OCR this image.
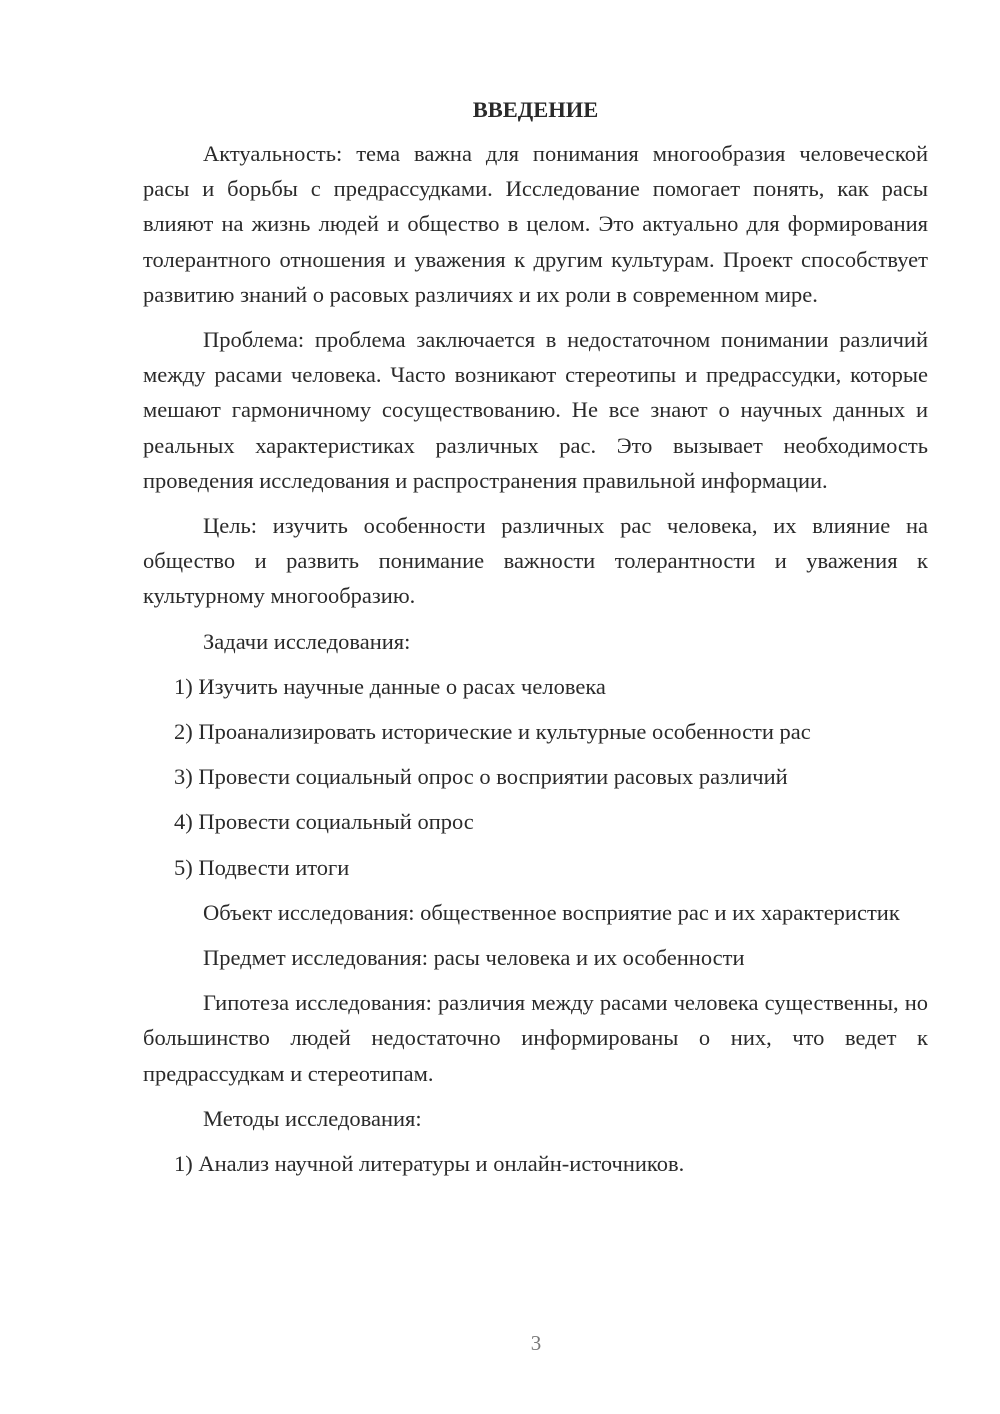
ВВЕДЕНИЕ
Актуальность: тема важна для понимания многообразия человеческой расы и борьбы с предрассудками. Исследование помогает понять, как расы влияют на жизнь людей и общество в целом. Это актуально для формирования толерантного отношения и уважения к другим культурам. Проект способствует развитию знаний о расовых различиях и их роли в современном мире.
Проблема: проблема заключается в недостаточном понимании различий между расами человека. Часто возникают стереотипы и предрассудки, которые мешают гармоничному сосуществованию. Не все знают о научных данных и реальных характеристиках различных рас. Это вызывает необходимость проведения исследования и распространения правильной информации.
Цель: изучить особенности различных рас человека, их влияние на общество и развить понимание важности толерантности и уважения к культурному многообразию.
Задачи исследования:
1) Изучить научные данные о расах человека
2) Проанализировать исторические и культурные особенности рас
3) Провести социальный опрос о восприятии расовых различий
4) Провести социальный опрос
5) Подвести итоги
Объект исследования: общественное восприятие рас и их характеристик
Предмет исследования: расы человека и их особенности
Гипотеза исследования: различия между расами человека существенны, но большинство людей недостаточно информированы о них, что ведет к предрассудкам и стереотипам.
Методы исследования:
1) Анализ научной литературы и онлайн-источников.
3
